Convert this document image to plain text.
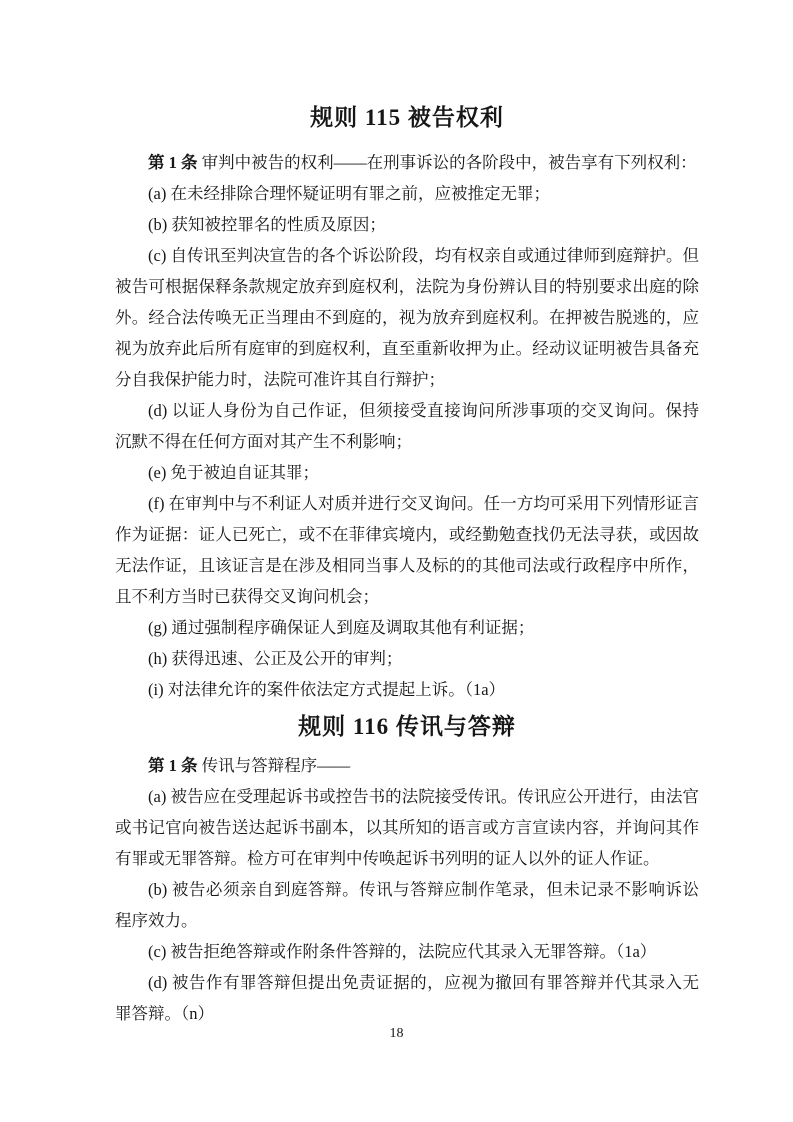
规则 115 被告权利

第 1 条 审判中被告的权利——在刑事诉讼的各阶段中，被告享有下列权利：

(a) 在未经排除合理怀疑证明有罪之前，应被推定无罪；

(b) 获知被控罪名的性质及原因；

(c) 自传讯至判决宣告的各个诉讼阶段，均有权亲自或通过律师到庭辩护。但被告可根据保释条款规定放弃到庭权利，法院为身份辨认目的特别要求出庭的除外。经合法传唤无正当理由不到庭的，视为放弃到庭权利。在押被告脱逃的，应视为放弃此后所有庭审的到庭权利，直至重新收押为止。经动议证明被告具备充分自我保护能力时，法院可准许其自行辩护；

(d) 以证人身份为自己作证，但须接受直接询问所涉事项的交叉询问。保持沉默不得在任何方面对其产生不利影响；

(e) 免于被迫自证其罪；

(f) 在审判中与不利证人对质并进行交叉询问。任一方均可采用下列情形证言作为证据：证人已死亡，或不在菲律宾境内，或经勤勉查找仍无法寻获，或因故无法作证，且该证言是在涉及相同当事人及标的的其他司法或行政程序中所作，且不利方当时已获得交叉询问机会；

(g) 通过强制程序确保证人到庭及调取其他有利证据；

(h) 获得迅速、公正及公开的审判；

(i) 对法律允许的案件依法定方式提起上诉。（1a）

规则 116 传讯与答辩

第 1 条 传讯与答辩程序——

(a) 被告应在受理起诉书或控告书的法院接受传讯。传讯应公开进行，由法官或书记官向被告送达起诉书副本，以其所知的语言或方言宣读内容，并询问其作有罪或无罪答辩。检方可在审判中传唤起诉书列明的证人以外的证人作证。

(b) 被告必须亲自到庭答辩。传讯与答辩应制作笔录，但未记录不影响诉讼程序效力。

(c) 被告拒绝答辩或作附条件答辩的，法院应代其录入无罪答辩。（1a）

(d) 被告作有罪答辩但提出免责证据的，应视为撤回有罪答辩并代其录入无罪答辩。（n）

18
